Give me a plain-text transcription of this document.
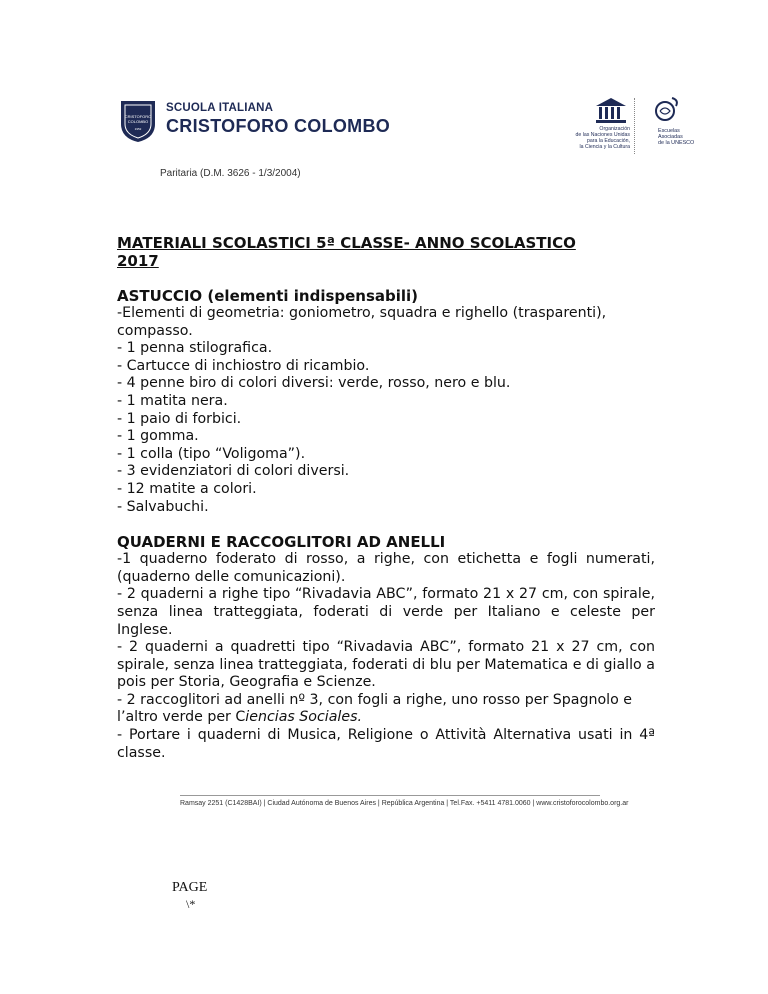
CRISTOFORO
COLOMBO
1952
SCUOLA ITALIANA
CRISTOFORO COLOMBO
Paritaria (D.M. 3626 - 1/3/2004)
Organización
de las Naciones Unidas
para la Educación,
la Ciencia y la Cultura
Escuelas
Asociadas
de la UNESCO
MATERIALI SCOLASTICI 5ª CLASSE- ANNO SCOLASTICO
2017
ASTUCCIO (elementi indispensabili)

-Elementi di geometria: goniometro, squadra e righello (trasparenti), compasso.

- 1 penna stilografica.

- Cartucce di inchiostro di ricambio.

- 4 penne biro di colori diversi: verde, rosso, nero e blu.

- 1 matita nera.

- 1 paio di forbici.

- 1 gomma.

- 1 colla (tipo “Voligoma”).

- 3 evidenziatori di colori diversi.

- 12 matite a colori.

- Salvabuchi.

QUADERNI E RACCOGLITORI AD ANELLI

-1 quaderno foderato di rosso, a righe, con etichetta e fogli numerati, (quaderno delle comunicazioni).

- 2 quaderni a righe tipo “Rivadavia ABC”, formato 21 x 27 cm, con spirale, senza linea tratteggiata, foderati di verde per Italiano e celeste per Inglese.

- 2 quaderni a quadretti tipo “Rivadavia ABC”, formato 21 x 27 cm, con spirale, senza linea tratteggiata, foderati di blu per Matematica e di giallo a pois per Storia, Geografia e Scienze.

- 2 raccoglitori ad anelli nº 3, con fogli a righe, uno rosso per Spagnolo e l’altro verde per Ciencias Sociales.

- Portare i quaderni di Musica, Religione o Attività Alternativa usati in 4ª classe.

Ramsay 2251 (C1428BAI) | Ciudad Autónoma de Buenos Aires | República Argentina | Tel.Fax. +5411 4781.0060 | www.cristoforocolombo.org.ar
PAGE
\*
